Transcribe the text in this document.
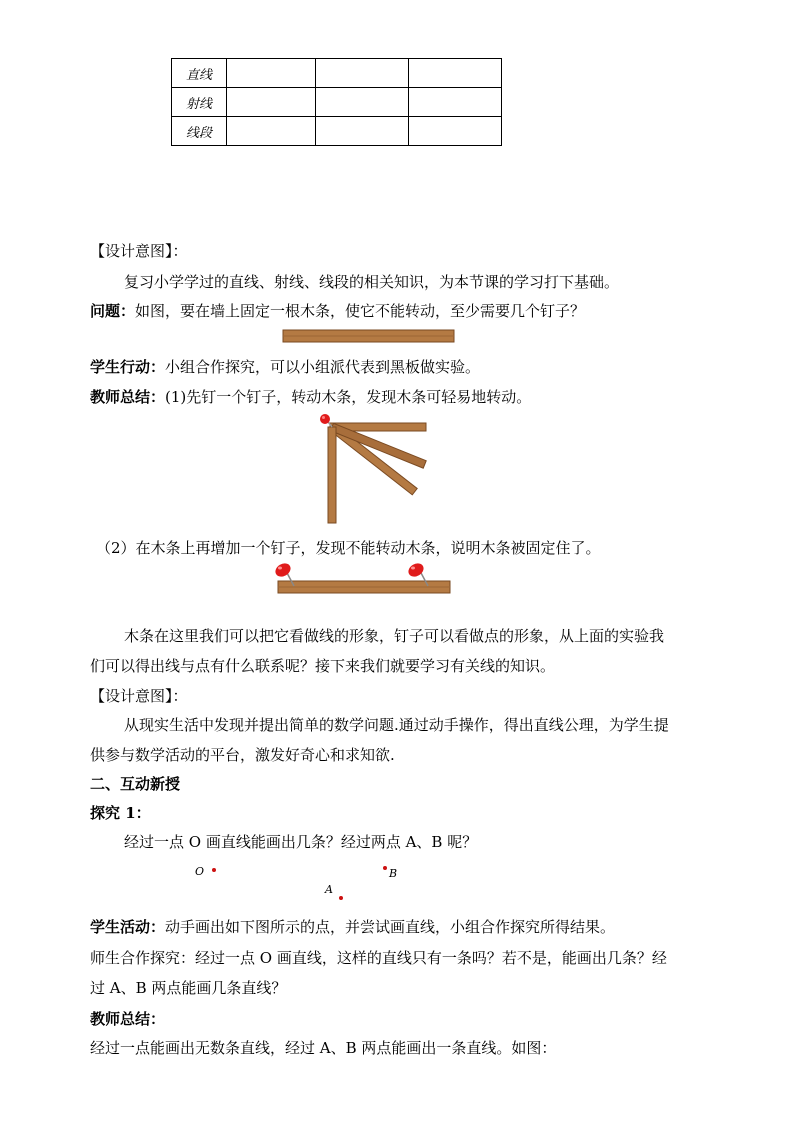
直线			
射线			
线段			
【设计意图】：
复习小学学过的直线、射线、线段的相关知识，为本节课的学习打下基础。
问题：如图，要在墙上固定一根木条，使它不能转动，至少需要几个钉子？
学生行动：小组合作探究，可以小组派代表到黑板做实验。
教师总结：(1)先钉一个钉子，转动木条，发现木条可轻易地转动。
（2）在木条上再增加一个钉子，发现不能转动木条，说明木条被固定住了。
木条在这里我们可以把它看做线的形象，钉子可以看做点的形象，从上面的实验我
们可以得出线与点有什么联系呢？接下来我们就要学习有关线的知识。
【设计意图】：
从现实生活中发现并提出简单的数学问题.通过动手操作，得出直线公理，为学生提
供参与数学活动的平台，激发好奇心和求知欲.
二、互动新授
探究 1：
经过一点 O 画直线能画出几条？经过两点 A、B 呢？
O	B
A
学生活动：动手画出如下图所示的点，并尝试画直线，小组合作探究所得结果。
师生合作探究：经过一点 O 画直线，这样的直线只有一条吗？若不是，能画出几条？经
过 A、B 两点能画几条直线？
教师总结：
经过一点能画出无数条直线，经过 A、B 两点能画出一条直线。如图：
